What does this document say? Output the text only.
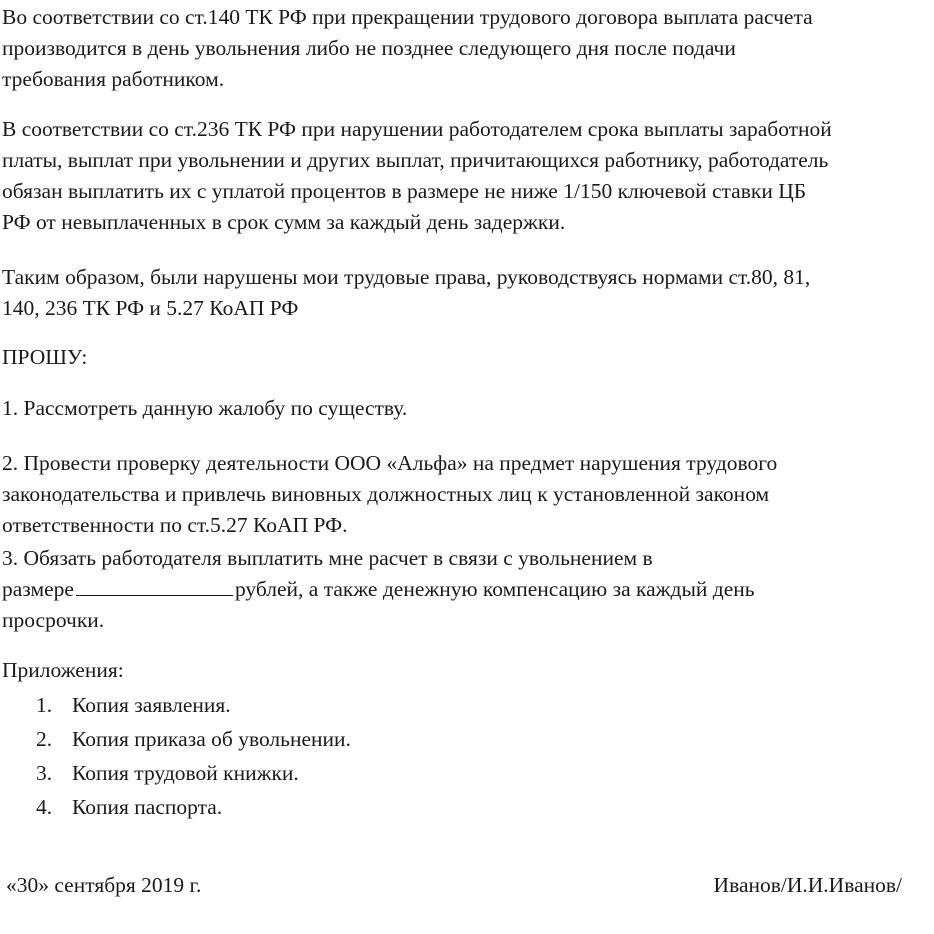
Во соответствии со ст.140 ТК РФ при прекращении трудового договора выплата расчета
производится в день увольнения либо не позднее следующего дня после подачи
требования работником.

В соответствии со ст.236 ТК РФ при нарушении работодателем срока выплаты заработной
платы, выплат при увольнении и других выплат, причитающихся работнику, работодатель
обязан выплатить их с уплатой процентов в размере не ниже 1/150 ключевой ставки ЦБ
РФ от невыплаченных в срок сумм за каждый день задержки.

Таким образом, были нарушены мои трудовые права, руководствуясь нормами ст.80, 81,
140, 236 ТК РФ и 5.27 КоАП РФ

ПРОШУ:

1. Рассмотреть данную жалобу по существу.

2. Провести проверку деятельности ООО «Альфа» на предмет нарушения трудового
законодательства и привлечь виновных должностных лиц к установленной законом
ответственности по ст.5.27 КоАП РФ.

3. Обязать работодателя выплатить мне расчет в связи с увольнением в
размере	рублей, а также денежную компенсацию за каждый день
просрочки.

Приложения:

1. Копия заявления.
2. Копия приказа об увольнении.
3. Копия трудовой книжки.
4. Копия паспорта.
«30» сентября 2019 г.	Иванов/И.И.Иванов/
